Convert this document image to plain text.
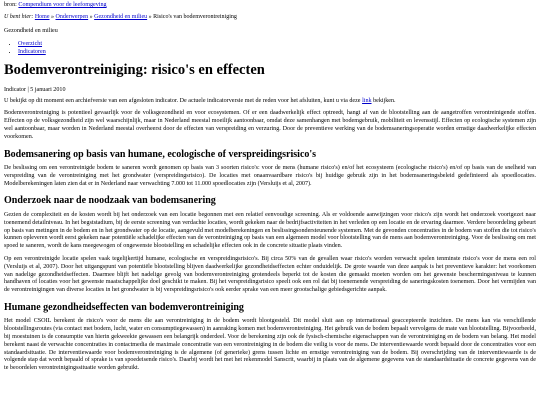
bron: Compendium voor de leefomgeving
U bent hier: Home » Onderwerpen » Gezondheid en milieu » Risico's van bodemverontreiniging
Gezondheid en milieu
• Overzicht
• Indicatoren
Bodemverontreiniging: risico's en effecten
Indicator | 5 januari 2010

U bekijkt op dit moment een archiefversie van een afgesloten indicator. De actuele indicatorversie met de reden voor het afsluiten, kunt u via deze link bekijken.

Bodemverontreiniging is potentieel gevaarlijk voor de volksgezondheid en voor ecosystemen. Of er een daadwerkelijk effect optreedt, hangt af van de blootstelling aan de aangetroffen verontreinigende stoffen. Effecten op de volksgezondheid zijn wel waarschijnlijk, maar in Nederland meestal moeilijk aantoonbaar, omdat deze samenhangen met bodemgebruik, mobiliteit en levensstijl. Effecten op ecologische systemen zijn wel aantoonbaar, maar worden in Nederland meestal overheerst door de effecten van verspreiding en verzuring. Door de preventieve werking van de bodemsaneringsoperatie worden ernstige daadwerkelijke effecten voorkomen.

Bodemsanering op basis van humane, ecologische of verspreidingsrisico's

De beslissing om een verontreinigde bodem te saneren wordt genomen op basis van 3 soorten risico's: voor de mens (humane risico's) en/of het ecosysteem (ecologische risico's) en/of op basis van de snelheid van verspreiding van de verontreiniging met het grondwater (verspreidingsrisico). De locaties met onaanvaardbare risico's bij huidige gebruik zijn in het bodemsaneringsbeleid gedefinieerd als spoedlocaties. Modelberekeningen laten zien dat er in Nederland naar verwachting 7.000 tot 11.000 spoedlocaties zijn (Versluijs et al, 2007).

Onderzoek naar de noodzaak van bodemsanering

Gezien de complexiteit en de kosten wordt bij het onderzoek van een locatie begonnen met een relatief eenvoudige screening. Als er voldoende aanwijzingen voor risico's zijn wordt het onderzoek voortgezet naar toenemend detailniveau. In het begststadium, bij de eerste screening van verdachte locaties, wordt gekeken naar de bedrijfsactiviteiten in het verleden op een locatie en de ervaring daarmee. Verdere beoordeling gebeurt op basis van metingen in de bodem en in het grondwater op de locatie, aangevuld met modelberekeningen en beslissingsondersteunende systemen. Met de gevonden concentraties in de bodem van stoffen die tot risico's kunnen opleveren wordt eerst gekeken naar potentiële schadelijke effecten van de verontreiniging op basis van een algemeen model voor blootstelling van de mens aan bodemverontreiniging. Voor de beslissing om met spoed te saneren, wordt de kans meegewogen of ongewenste blootstelling en schadelijke effecten ook in de concrete situatie plaats vinden.

Op een verontreinigde locatie spelen vaak tegelijkertijd humane, ecologische en verspreidingsrisico's. Bij circa 50% van de gevallen waar risico's worden verwacht spelen tenminste risico's voor de mens een rol (Versluijs et al, 2007). Door het uitgangspunt van potentiële blootstelling blijven daadwerkelijke gezondheidseffecten echter onduidelijk. De grote waarde van deze aanpak is het preventieve karakter: het voorkomen van nadelige gezondheidseffecten. Daarmee blijft het nadelige gevolg van bodemverontreiniging grotendeels beperkt tot de kosten die gemaakt moeten worden om het gewenste beschermingsniveau te kunnen handhaven of locaties voor het gewenste maatschappelijke doel geschikt te maken. Bij het verspreidingsrisico speelt ook een rol dat bij toenemende verspreiding de saneringskosten toenemen. Door het vermijden van de verontreinigingen van diverse locaties in het grondwater is bij verspreidingsrisico's ook eerder sprake van een meer grootschalige gebiedsgerichte aanpak.

Humane gezondheidseffecten van bodemverontreiniging

Het model CSOIL berekent de risico's voor de mens die aan verontreiniging in de bodem wordt blootgesteld. Dit model sluit aan op internationaal geaccepteerde inzichten. De mens kan via verschillende blootstellingsroutes (via contact met bodem, lucht, water en consumptiegewassen) in aanraking komen met bodemverontreiniging. Het gebruik van de bodem bepaalt vervolgens de mate van blootstelling. Bijvoorbeeld, bij moestuinen is de consumptie van hierin gekweekte gewassen een belangrijk onderdeel. Voor de berekening zijn ook de fysisch-chemische eigenschappen van de verontreiniging en de bodem van belang. Het model berekent naast de verwachte concentraties in contactmedia de maximale concentratie van een verontreiniging in de bodem die veilig is voor de mens. De interventiewaarde wordt bepaald door de concentraties voor een standaardsituatie. De interventiewaarde voor bodemverontreiniging is de algemene (of generieke) grens tussen lichte en ernstige verontreiniging van de bodem. Bij overschrijding van de interventiewaarde is de volgende stap dat wordt bepaald of sprake is van spoedeisende risico's. Daarbij wordt het met het rekenmodel Sanscrit, waarbij in plaats van de algemene gegevens van de standaardsituatie de concrete gegevens van de te beoordelen verontreinigingssituatie worden gebruikt.
